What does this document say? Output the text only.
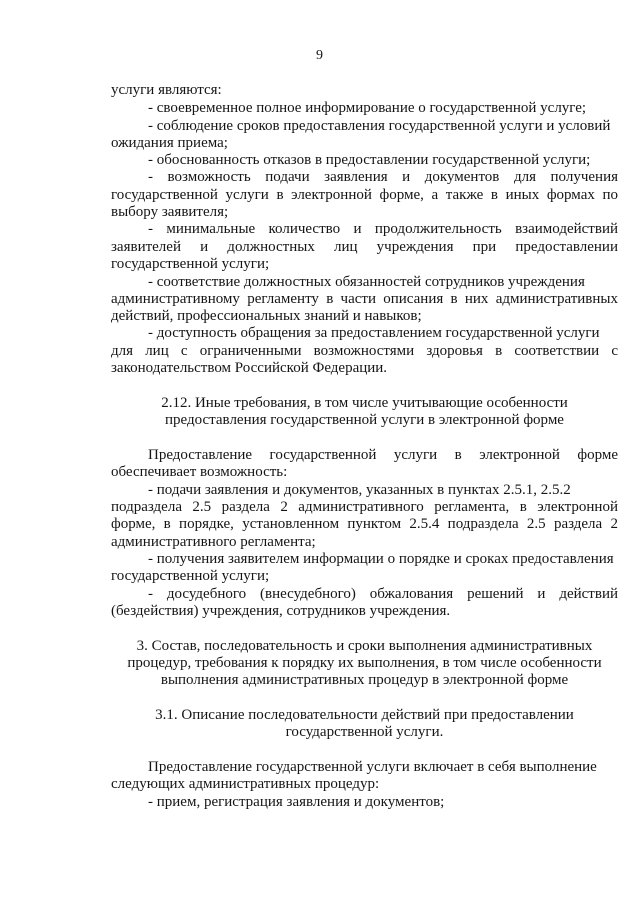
9
услуги являются:
- своевременное полное информирование о государственной услуге;
- соблюдение сроков предоставления государственной услуги и условий
ожидания приема;
- обоснованность отказов в предоставлении государственной услуги;
- возможность подачи заявления и документов для получения
государственной услуги в электронной форме, а также в иных формах по
выбору заявителя;
- минимальные количество и продолжительность взаимодействий
заявителей и должностных лиц учреждения при предоставлении
государственной услуги;
- соответствие должностных обязанностей сотрудников учреждения
административному регламенту в части описания в них административных
действий, профессиональных знаний и навыков;
- доступность обращения за предоставлением государственной услуги
для лиц с ограниченными возможностями здоровья в соответствии с
законодательством Российской Федерации.
2.12. Иные требования, в том числе учитывающие особенности
предоставления государственной услуги в электронной форме
Предоставление государственной услуги в электронной форме
обеспечивает возможность:
- подачи заявления и документов, указанных в пунктах 2.5.1, 2.5.2
подраздела 2.5 раздела 2 административного регламента, в электронной
форме, в порядке, установленном пунктом 2.5.4 подраздела 2.5 раздела 2
административного регламента;
- получения заявителем информации о порядке и сроках предоставления
государственной услуги;
- досудебного (внесудебного) обжалования решений и действий
(бездействия) учреждения, сотрудников учреждения.
3. Состав, последовательность и сроки выполнения административных
процедур, требования к порядку их выполнения, в том числе особенности
выполнения административных процедур в электронной форме
3.1. Описание последовательности действий при предоставлении
государственной услуги.
Предоставление государственной услуги включает в себя выполнение
следующих административных процедур:
- прием, регистрация заявления и документов;
